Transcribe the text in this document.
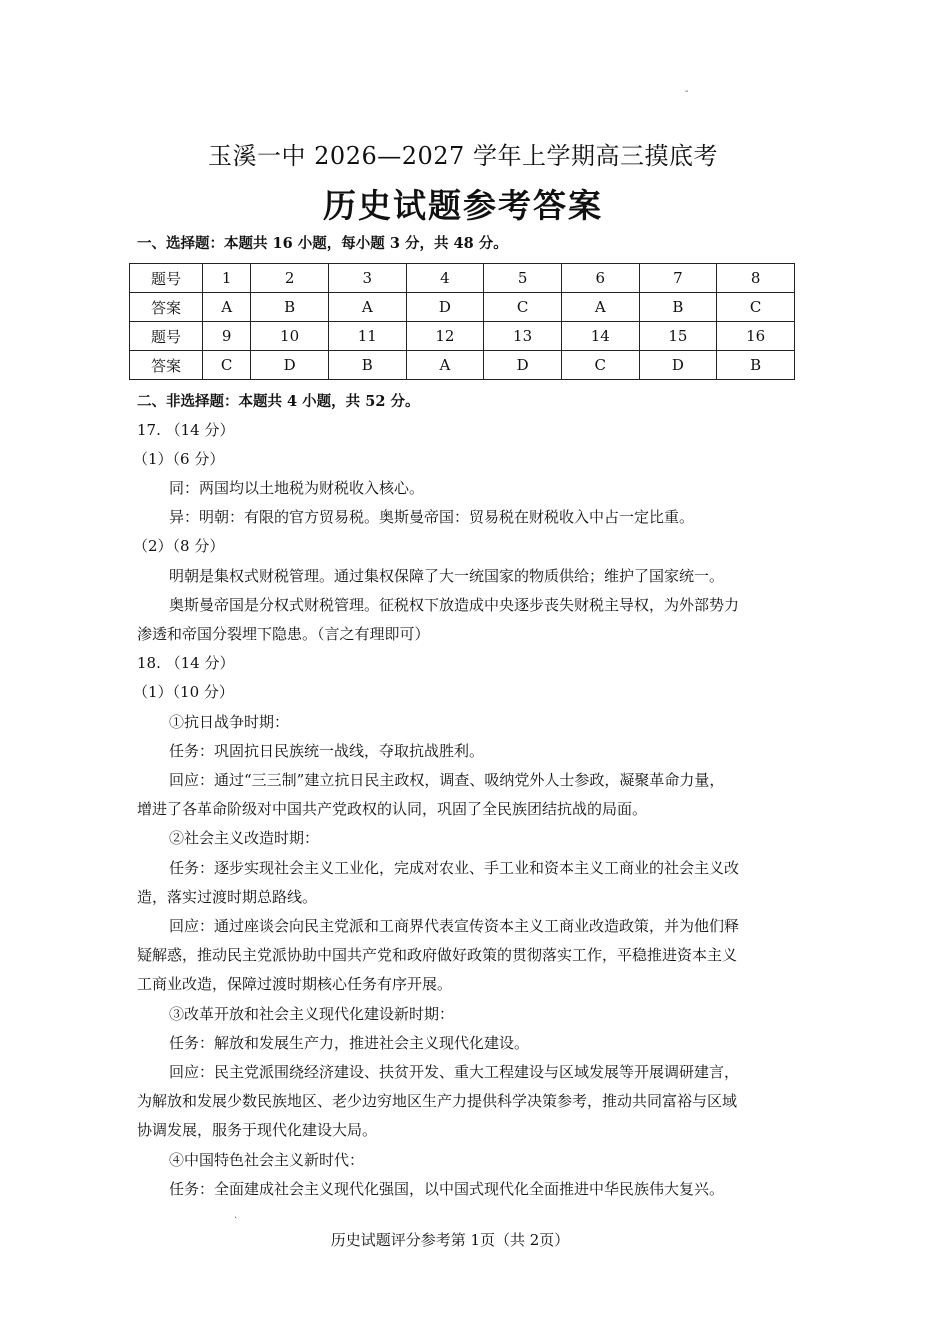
-
.
玉溪一中 2026—2027 学年上学期高三摸底考
历史试题参考答案
一、选择题：本题共 16 小题，每小题 3 分，共 48 分。
题号	1	2	3	4	5	6	7	8
答案	A	B	A	D	C	A	B	C
题号	9	10	11	12	13	14	15	16
答案	C	D	B	A	D	C	D	B
二、非选择题：本题共 4 小题，共 52 分。
17. （14 分）
（1）（6 分）
同：两国均以土地税为财税收入核心。
异：明朝：有限的官方贸易税。奥斯曼帝国：贸易税在财税收入中占一定比重。
（2）（8 分）
明朝是集权式财税管理。通过集权保障了大一统国家的物质供给；维护了国家统一。
奥斯曼帝国是分权式财税管理。征税权下放造成中央逐步丧失财税主导权，为外部势力
渗透和帝国分裂埋下隐患。（言之有理即可）
18. （14 分）
（1）（10 分）
①抗日战争时期：
任务：巩固抗日民族统一战线，夺取抗战胜利。
回应：通过“三三制”建立抗日民主政权，调查、吸纳党外人士参政，凝聚革命力量，
增进了各革命阶级对中国共产党政权的认同，巩固了全民族团结抗战的局面。
②社会主义改造时期：
任务：逐步实现社会主义工业化，完成对农业、手工业和资本主义工商业的社会主义改
造，落实过渡时期总路线。
回应：通过座谈会向民主党派和工商界代表宣传资本主义工商业改造政策，并为他们释
疑解惑，推动民主党派协助中国共产党和政府做好政策的贯彻落实工作，平稳推进资本主义
工商业改造，保障过渡时期核心任务有序开展。
③改革开放和社会主义现代化建设新时期：
任务：解放和发展生产力，推进社会主义现代化建设。
回应：民主党派围绕经济建设、扶贫开发、重大工程建设与区域发展等开展调研建言，
为解放和发展少数民族地区、老少边穷地区生产力提供科学决策参考，推动共同富裕与区域
协调发展，服务于现代化建设大局。
④中国特色社会主义新时代：
任务：全面建成社会主义现代化强国，以中国式现代化全面推进中华民族伟大复兴。
历史试题评分参考第 1页（共 2页）
